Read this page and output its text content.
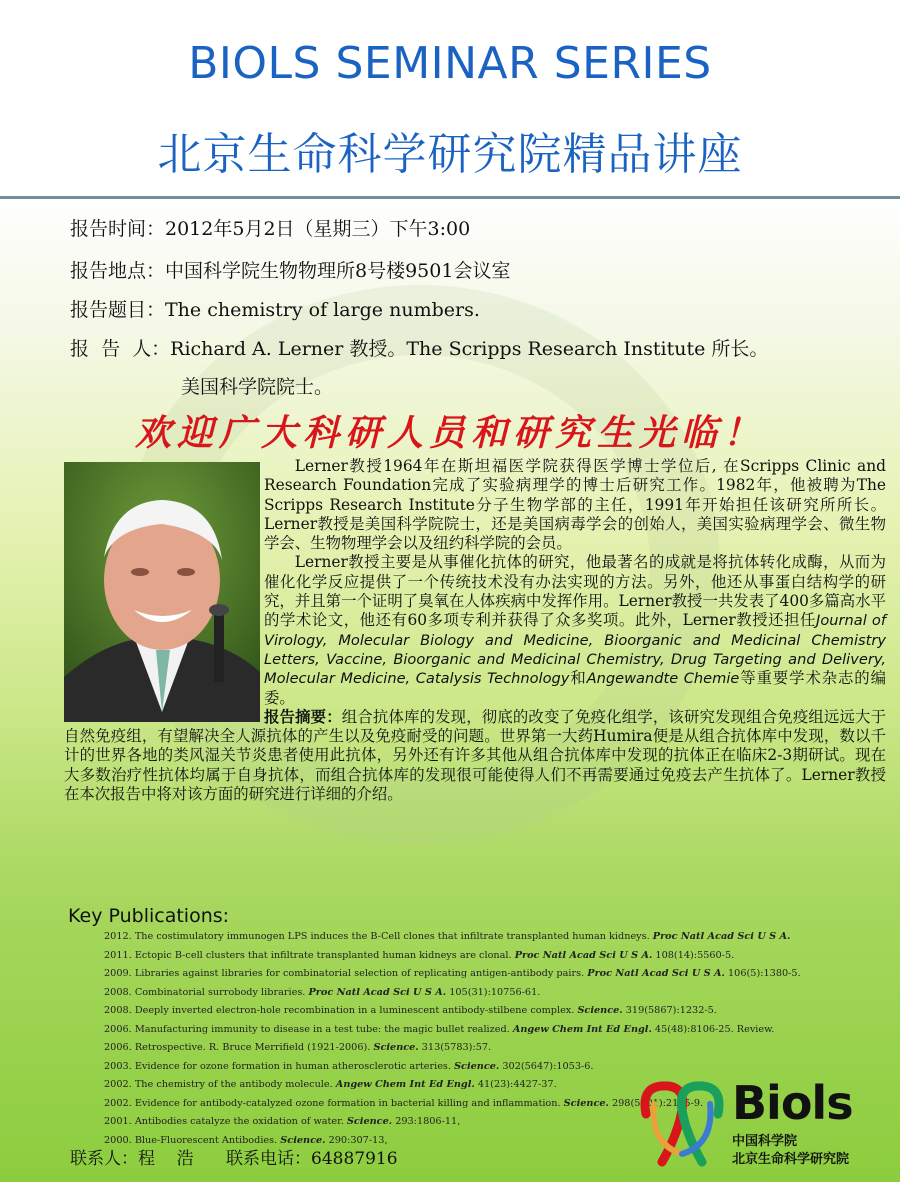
BIOLS SEMINAR SERIES
北京生命科学研究院精品讲座
报告时间：2012年5月2日（星期三）下午3:00
报告地点：中国科学院生物物理所8号楼9501会议室
报告题目：The chemistry of large numbers.
报  告  人：Richard A. Lerner 教授。The Scripps Research Institute 所长。
美国科学院院士。
欢迎广大科研人员和研究生光临！

Lerner教授1964年在斯坦福医学院获得医学博士学位后, 在Scripps Clinic and Research Foundation完成了实验病理学的博士后研究工作。1982年，他被聘为The Scripps Research Institute分子生物学部的主任，1991年开始担任该研究所所长。Lerner教授是美国科学院院士，还是美国病毒学会的创始人，美国实验病理学会、微生物学会、生物物理学会以及纽约科学院的会员。

Lerner教授主要是从事催化抗体的研究，他最著名的成就是将抗体转化成酶，从而为催化化学反应提供了一个传统技术没有办法实现的方法。另外，他还从事蛋白结构学的研究，并且第一个证明了臭氧在人体疾病中发挥作用。Lerner教授一共发表了400多篇高水平的学术论文，他还有60多项专利并获得了众多奖项。此外，Lerner教授还担任Journal of Virology, Molecular Biology and Medicine, Bioorganic and Medicinal Chemistry Letters, Vaccine, Bioorganic and Medicinal Chemistry, Drug Targeting and Delivery, Molecular Medicine, Catalysis Technology和Angewandte Chemie等重要学术杂志的编委。

报告摘要：组合抗体库的发现，彻底的改变了免疫化组学，该研究发现组合免疫组远远大于自然免疫组，有望解决全人源抗体的产生以及免疫耐受的问题。世界第一大药Humira便是从组合抗体库中发现，数以千计的世界各地的类风湿关节炎患者使用此抗体，另外还有许多其他从组合抗体库中发现的抗体正在临床2-3期研试。现在大多数治疗性抗体均属于自身抗体，而组合抗体库的发现很可能使得人们不再需要通过免疫去产生抗体了。Lerner教授在本次报告中将对该方面的研究进行详细的介绍。

Key Publications:
2012. The costimulatory immunogen LPS induces the B-Cell clones that infiltrate transplanted human kidneys. Proc Natl Acad Sci U S A.
2011. Ectopic B-cell clusters that infiltrate transplanted human kidneys are clonal. Proc Natl Acad Sci U S A. 108(14):5560-5.
2009. Libraries against libraries for combinatorial selection of replicating antigen-antibody pairs. Proc Natl Acad Sci U S A. 106(5):1380-5.
2008. Combinatorial surrobody libraries. Proc Natl Acad Sci U S A. 105(31):10756-61.
2008. Deeply inverted electron-hole recombination in a luminescent antibody-stilbene complex. Science. 319(5867):1232-5.
2006. Manufacturing immunity to disease in a test tube: the magic bullet realized. Angew Chem Int Ed Engl. 45(48):8106-25. Review.
2006. Retrospective. R. Bruce Merrifield (1921-2006). Science. 313(5783):57.
2003. Evidence for ozone formation in human atherosclerotic arteries. Science. 302(5647):1053-6.
2002. The chemistry of the antibody molecule. Angew Chem Int Ed Engl. 41(23):4427-37.
2002. Evidence for antibody-catalyzed ozone formation in bacterial killing and inflammation. Science. 298(5601):2195-9.
2001. Antibodies catalyze the oxidation of water. Science. 293:1806-11,
2000. Blue-Fluorescent Antibodies. Science. 290:307-13,
联系人：程    浩      联系电话：64887916
Biols
中国科学院
北京生命科学研究院
